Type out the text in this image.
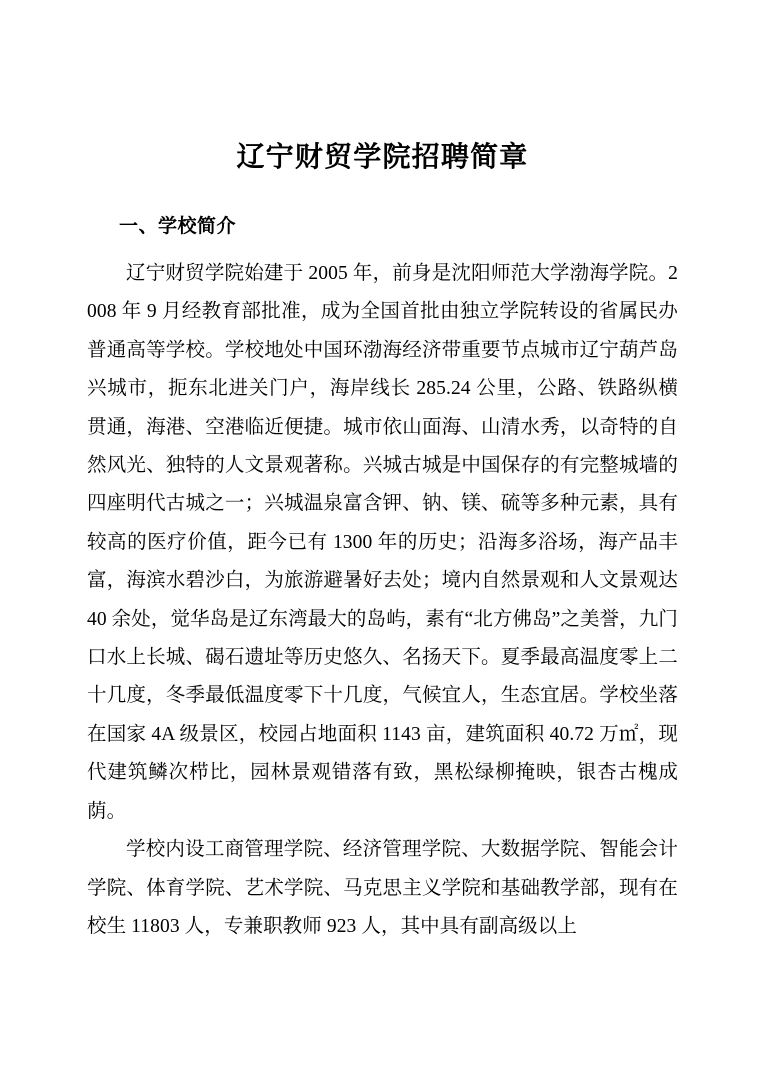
辽宁财贸学院招聘简章
一、学校简介

辽宁财贸学院始建于 2005 年，前身是沈阳师范大学渤海学院。2008 年 9 月经教育部批准，成为全国首批由独立学院转设的省属民办普通高等学校。学校地处中国环渤海经济带重要节点城市辽宁葫芦岛兴城市，扼东北进关门户，海岸线长 285.24 公里，公路、铁路纵横贯通，海港、空港临近便捷。城市依山面海、山清水秀，以奇特的自然风光、独特的人文景观著称。兴城古城是中国保存的有完整城墙的四座明代古城之一；兴城温泉富含钾、钠、镁、硫等多种元素，具有较高的医疗价值，距今已有 1300 年的历史；沿海多浴场，海产品丰富，海滨水碧沙白，为旅游避暑好去处；境内自然景观和人文景观达 40 余处，觉华岛是辽东湾最大的岛屿，素有“北方佛岛”之美誉，九门口水上长城、碣石遗址等历史悠久、名扬天下。夏季最高温度零上二十几度，冬季最低温度零下十几度，气候宜人，生态宜居。学校坐落在国家 4A 级景区，校园占地面积 1143 亩，建筑面积 40.72 万㎡，现代建筑鳞次栉比，园林景观错落有致，黑松绿柳掩映，银杏古槐成荫。

学校内设工商管理学院、经济管理学院、大数据学院、智能会计学院、体育学院、艺术学院、马克思主义学院和基础教学部，现有在校生 11803 人，专兼职教师 923 人，其中具有副高级以上
